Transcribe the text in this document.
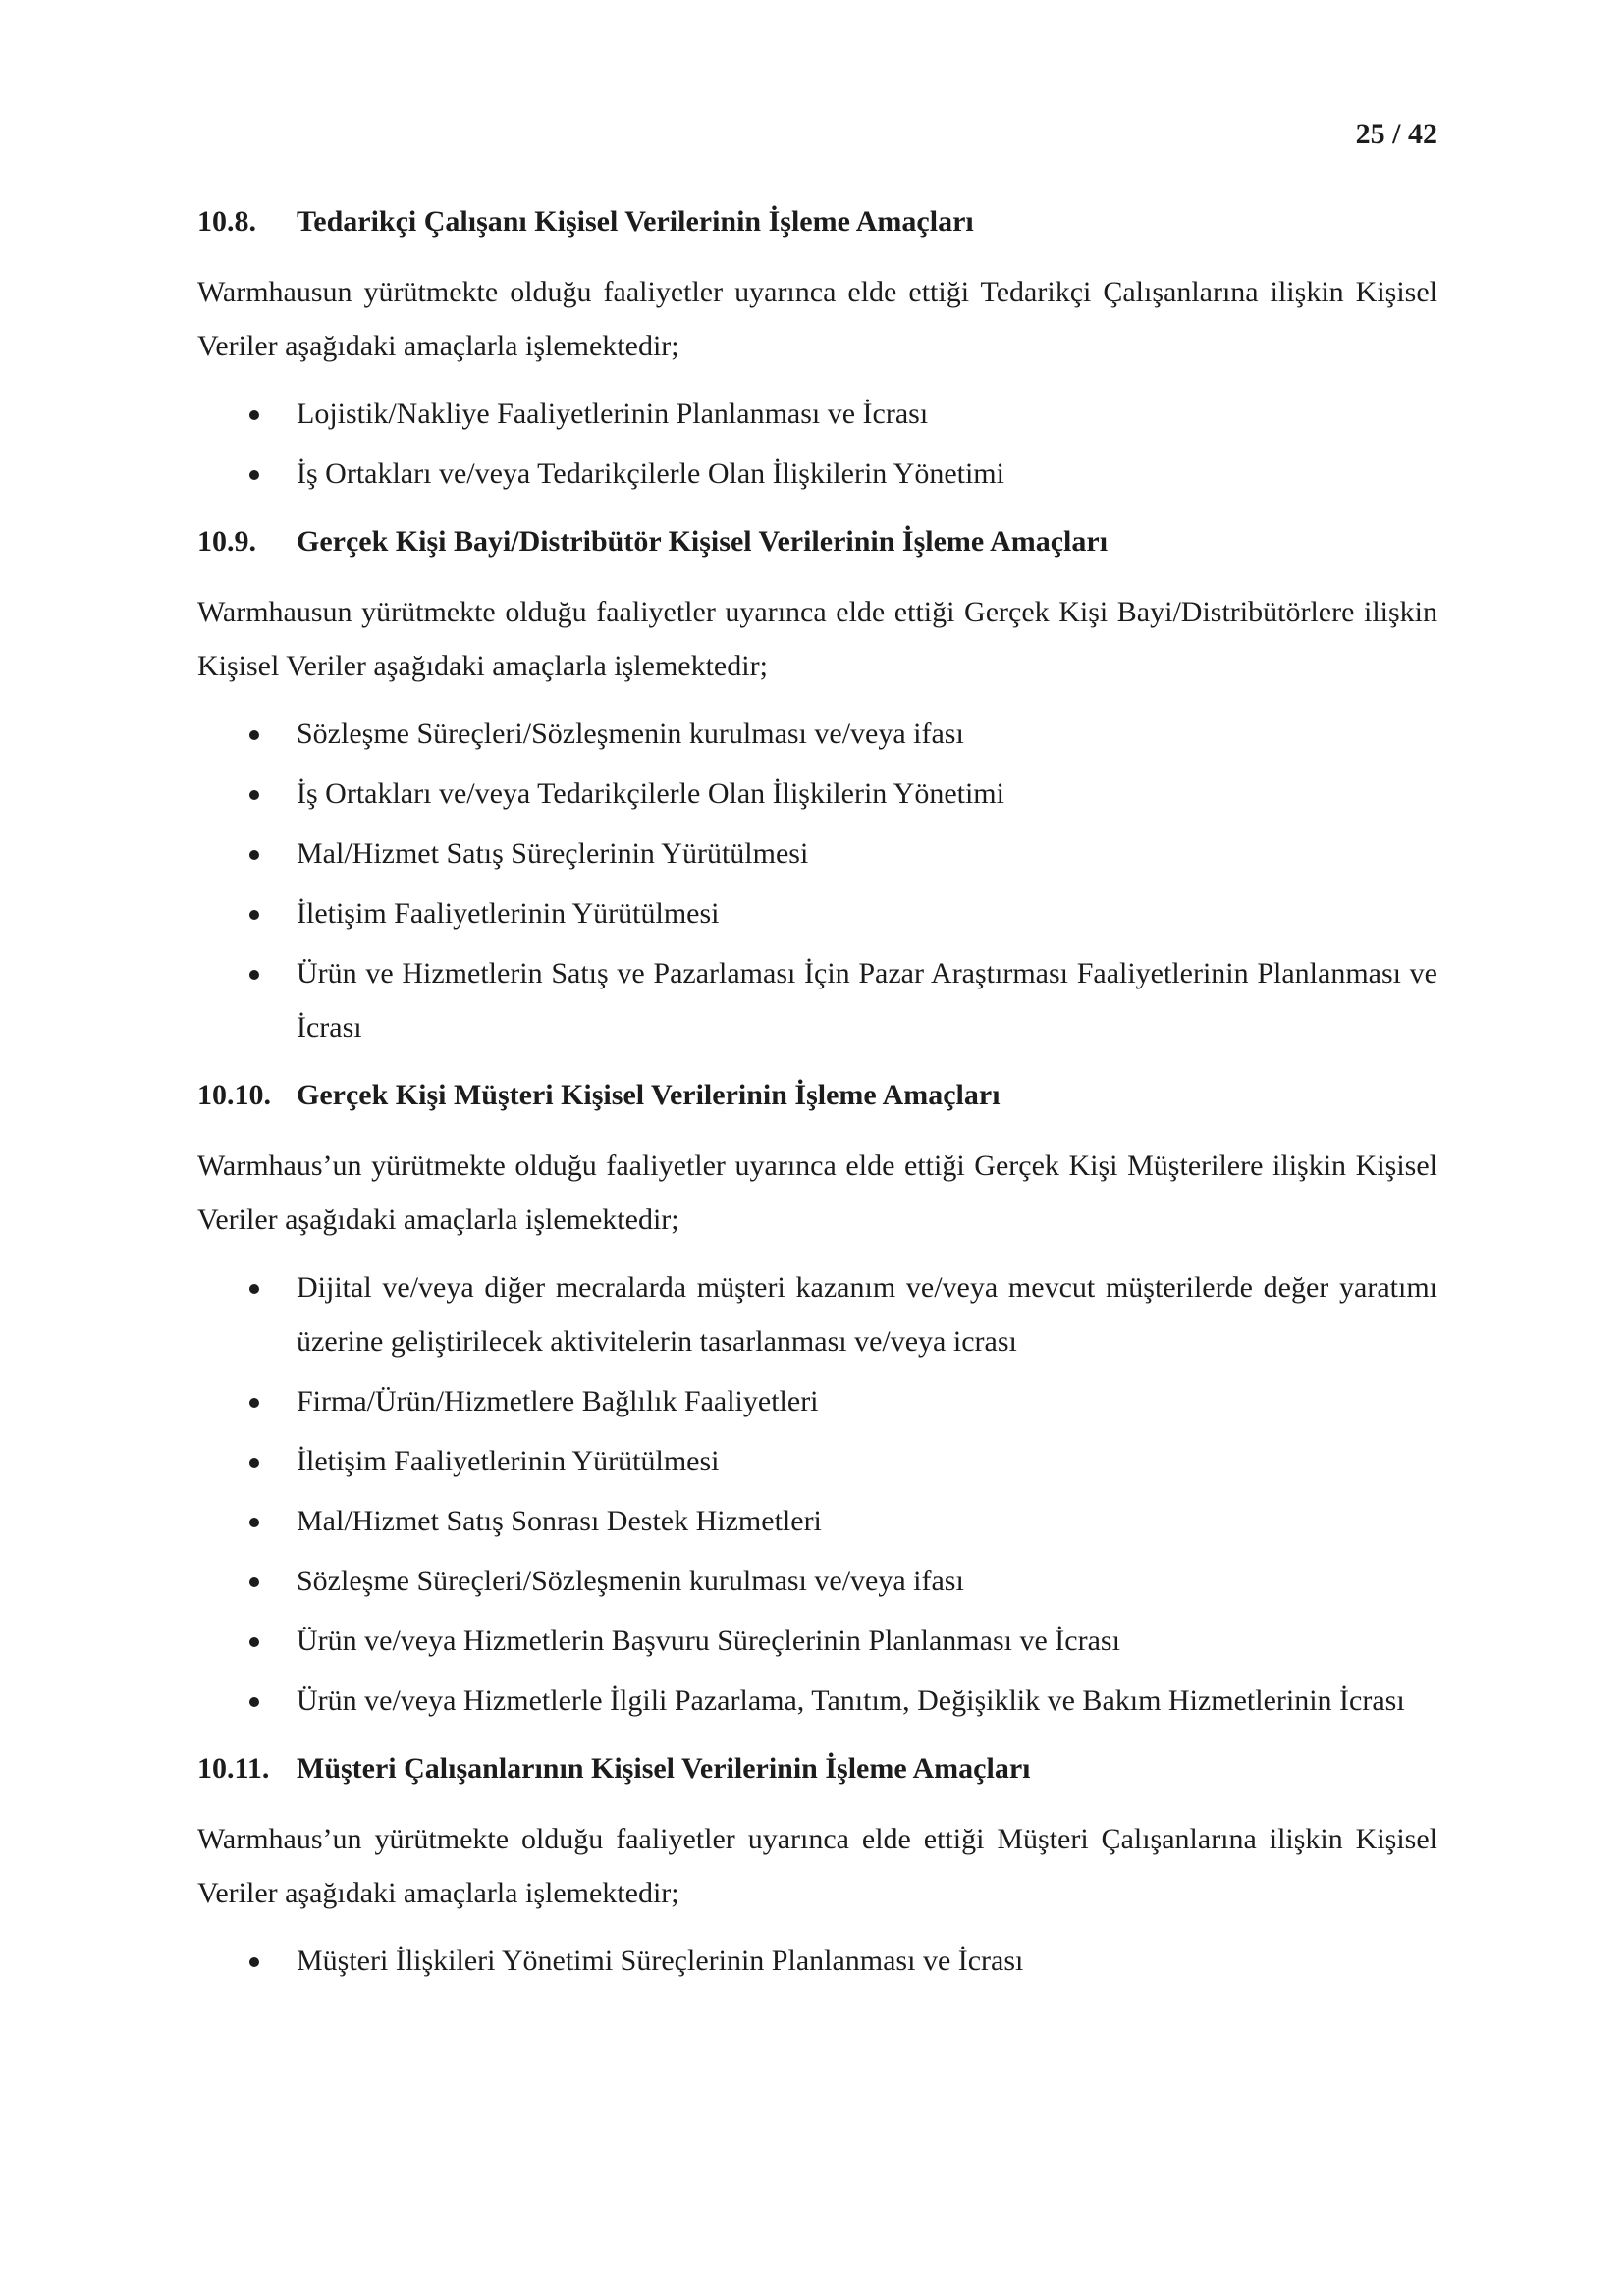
25 / 42
10.8.	Tedarikçi Çalışanı Kişisel Verilerinin İşleme Amaçları

Warmhausun yürütmekte olduğu faaliyetler uyarınca elde ettiği Tedarikçi Çalışanlarına ilişkin Kişisel Veriler aşağıdaki amaçlarla işlemektedir;

Lojistik/Nakliye Faaliyetlerinin Planlanması ve İcrası
İş Ortakları ve/veya Tedarikçilerle Olan İlişkilerin Yönetimi
10.9.	Gerçek Kişi Bayi/Distribütör Kişisel Verilerinin İşleme Amaçları

Warmhausun yürütmekte olduğu faaliyetler uyarınca elde ettiği Gerçek Kişi Bayi/Distribütörlere ilişkin Kişisel Veriler aşağıdaki amaçlarla işlemektedir;

Sözleşme Süreçleri/Sözleşmenin kurulması ve/veya ifası
İş Ortakları ve/veya Tedarikçilerle Olan İlişkilerin Yönetimi
Mal/Hizmet Satış Süreçlerinin Yürütülmesi
İletişim Faaliyetlerinin Yürütülmesi
Ürün ve Hizmetlerin Satış ve Pazarlaması İçin Pazar Araştırması Faaliyetlerinin Planlanması ve İcrası
10.10. Gerçek Kişi Müşteri Kişisel Verilerinin İşleme Amaçları

Warmhaus’un yürütmekte olduğu faaliyetler uyarınca elde ettiği Gerçek Kişi Müşterilere ilişkin Kişisel Veriler aşağıdaki amaçlarla işlemektedir;

Dijital ve/veya diğer mecralarda müşteri kazanım ve/veya mevcut müşterilerde değer yaratımı üzerine geliştirilecek aktivitelerin tasarlanması ve/veya icrası
Firma/Ürün/Hizmetlere Bağlılık Faaliyetleri
İletişim Faaliyetlerinin Yürütülmesi
Mal/Hizmet Satış Sonrası Destek Hizmetleri
Sözleşme Süreçleri/Sözleşmenin kurulması ve/veya ifası
Ürün ve/veya Hizmetlerin Başvuru Süreçlerinin Planlanması ve İcrası
Ürün ve/veya Hizmetlerle İlgili Pazarlama, Tanıtım, Değişiklik ve Bakım Hizmetlerinin İcrası
10.11. Müşteri Çalışanlarının Kişisel Verilerinin İşleme Amaçları

Warmhaus’un yürütmekte olduğu faaliyetler uyarınca elde ettiği Müşteri Çalışanlarına ilişkin Kişisel Veriler aşağıdaki amaçlarla işlemektedir;

Müşteri İlişkileri Yönetimi Süreçlerinin Planlanması ve İcrası
